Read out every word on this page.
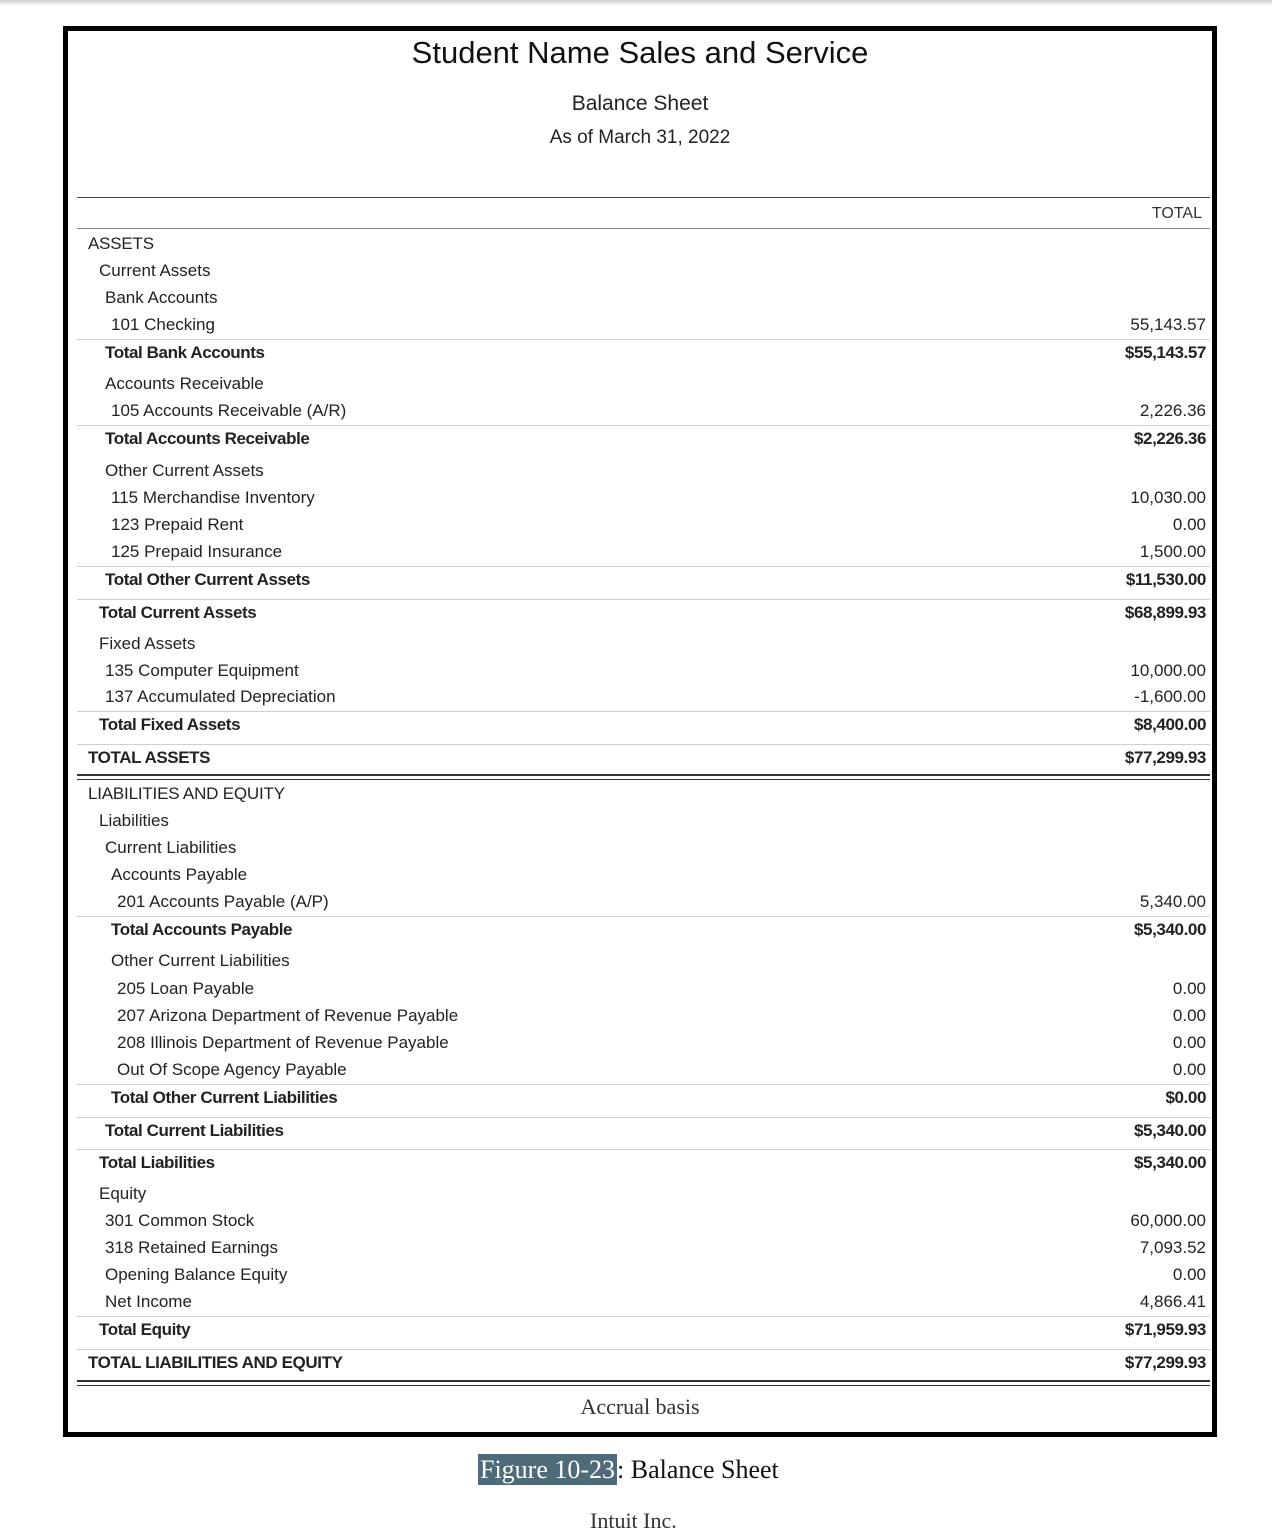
Student Name Sales and Service
Balance Sheet
As of March 31, 2022
TOTAL
ASSETS
Current Assets
Bank Accounts
101 Checking	55,143.57
Total Bank Accounts	$55,143.57
Accounts Receivable
105 Accounts Receivable (A/R)	2,226.36
Total Accounts Receivable	$2,226.36
Other Current Assets
115 Merchandise Inventory	10,030.00
123 Prepaid Rent	0.00
125 Prepaid Insurance	1,500.00
Total Other Current Assets	$11,530.00
Total Current Assets	$68,899.93
Fixed Assets
135 Computer Equipment	10,000.00
137 Accumulated Depreciation	-1,600.00
Total Fixed Assets	$8,400.00
TOTAL ASSETS	$77,299.93
LIABILITIES AND EQUITY
Liabilities
Current Liabilities
Accounts Payable
201 Accounts Payable (A/P)	5,340.00
Total Accounts Payable	$5,340.00
Other Current Liabilities
205 Loan Payable	0.00
207 Arizona Department of Revenue Payable	0.00
208 Illinois Department of Revenue Payable	0.00
Out Of Scope Agency Payable	0.00
Total Other Current Liabilities	$0.00
Total Current Liabilities	$5,340.00
Total Liabilities	$5,340.00
Equity
301 Common Stock	60,000.00
318 Retained Earnings	7,093.52
Opening Balance Equity	0.00
Net Income	4,866.41
Total Equity	$71,959.93
TOTAL LIABILITIES AND EQUITY	$77,299.93
Accrual basis
Figure 10-23: Balance Sheet
Intuit Inc.
